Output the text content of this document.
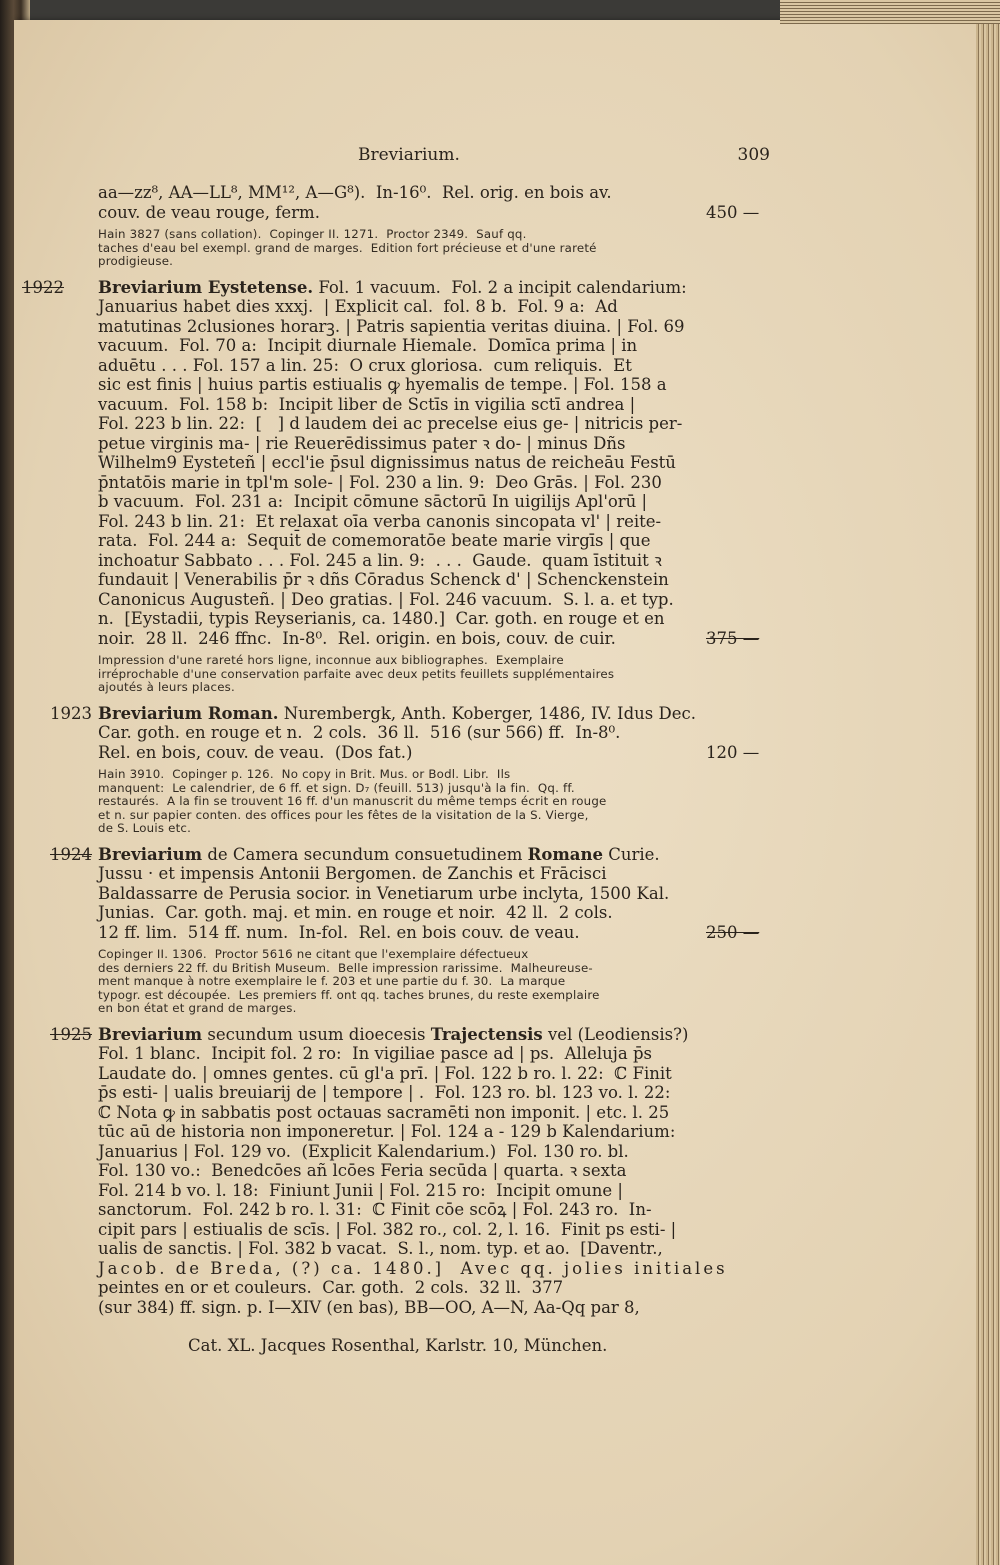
Breviarium.	309
aa—zz⁸, AA—LL⁸, MM¹², A—G⁸).  In-16⁰.  Rel. orig. en bois av.
couv. de veau rouge, ferm.	450 —
Hain 3827 (sans collation).  Copinger II. 1271.  Proctor 2349.  Sauf qq.
taches d'eau bel exempl. grand de marges.  Edition fort précieuse et d'une rareté
prodigieuse.
1922 Breviarium Eystetense. Fol. 1 vacuum.  Fol. 2 a incipit calendarium:
Januarius habet dies xxxj.  | Explicit cal.  fol. 8 b.  Fol. 9 a:  Ad
matutinas 2clusiones horarꝫ. | Patris sapientia veritas diuina. | Fol. 69
vacuum.  Fol. 70 a:  Incipit diurnale Hiemale.  Domīca prima | in
aduētu . . . Fol. 157 a lin. 25:  O crux gloriosa.  cum reliquis.  Et
sic est finis | huius partis estiualis ꝙ hyemalis de tempe. | Fol. 158 a
vacuum.  Fol. 158 b:  Incipit liber de Sctīs in vigilia sctī andrea |
Fol. 223 b lin. 22:  [   ] d laudem dei ac precelse eius ge- | nitricis per-
petue virginis ma- | rie Reuerēdissimus pater ꝛ do- | minus Dñs
Wilhelm9 Eysteteñ | eccl'ie p̄sul dignissimus natus de reicheāu Festū
p̄ntatōis marie in tpl'm sole- | Fol. 230 a lin. 9:  Deo Grās. | Fol. 230
b vacuum.  Fol. 231 a:  Incipit cōmune sāctorū In uigilijs Apl'orū |
Fol. 243 b lin. 21:  Et relaxat oīa verba canonis sincopata vl' | reite-
rata.  Fol. 244 a:  Sequit̄ de comemoratōe beate marie virgīs | que
inchoatur Sabbato . . . Fol. 245 a lin. 9:  . . .  Gaude.  quam īstituit ꝛ
fundauit | Venerabilis p̄r ꝛ dñs Cōradus Schenck d' | Schenckenstein
Canonicus Augusteñ. | Deo gratias. | Fol. 246 vacuum.  S. l. a. et typ.
n.  [Eystadii, typis Reyserianis, ca. 1480.]  Car. goth. en rouge et en
noir.  28 ll.  246 ffnc.  In-8⁰.  Rel. origin. en bois, couv. de cuir.	375 —
Impression d'une rareté hors ligne, inconnue aux bibliographes.  Exemplaire
irréprochable d'une conservation parfaite avec deux petits feuillets supplémentaires
ajoutés à leurs places.
1923 Breviarium Roman. Nurembergk, Anth. Koberger, 1486, IV. Idus Dec.
Car. goth. en rouge et n.  2 cols.  36 ll.  516 (sur 566) ff.  In-8⁰.
Rel. en bois, couv. de veau.  (Dos fat.)	120 —
Hain 3910.  Copinger p. 126.  No copy in Brit. Mus. or Bodl. Libr.  Ils
manquent:  Le calendrier, de 6 ff. et sign. D₇ (feuill. 513) jusqu'à la fin.  Qq. ff.
restaurés.  A la fin se trouvent 16 ff. d'un manuscrit du même temps écrit en rouge
et n. sur papier conten. des offices pour les fêtes de la visitation de la S. Vierge,
de S. Louis etc.
1924 Breviarium de Camera secundum consuetudinem Romane Curie.
Jussu · et impensis Antonii Bergomen. de Zanchis et Frācisci
Baldassarre de Perusia socior. in Venetiarum urbe inclyta, 1500 Kal.
Junias.  Car. goth. maj. et min. en rouge et noir.  42 ll.  2 cols.
12 ff. lim.  514 ff. num.  In-fol.  Rel. en bois couv. de veau.	250 —
Copinger II. 1306.  Proctor 5616 ne citant que l'exemplaire défectueux
des derniers 22 ff. du British Museum.  Belle impression rarissime.  Malheureuse-
ment manque à notre exemplaire le f. 203 et une partie du f. 30.  La marque
typogr. est découpée.  Les premiers ff. ont qq. taches brunes, du reste exemplaire
en bon état et grand de marges.
1925 Breviarium secundum usum dioecesis Trajectensis vel (Leodiensis?)
Fol. 1 blanc.  Incipit fol. 2 ro:  In vigiliae pasce ad | ps.  Alleluja p̄s
Laudate do. | omnes gentes. cū gl'a prī. | Fol. 122 b ro. l. 22:  ℂ Finit
p̄s esti- | ualis breuiarij de | tempore | .  Fol. 123 ro. bl. 123 vo. l. 22:
ℂ Nota ꝙ in sabbatis post octauas sacramēti non imponit. | etc. l. 25
tūc aū de historia non imponeretur. | Fol. 124 a - 129 b Kalendarium:
Januarius | Fol. 129 vo.  (Explicit Kalendarium.)  Fol. 130 ro. bl.
Fol. 130 vo.:  Benedcōes añ lcōes Feria secūda | quarta. ꝛ sexta
Fol. 214 b vo. l. 18:  Finiunt Junii | Fol. 215 ro:  Incipit omune |
sanctorum.  Fol. 242 b ro. l. 31:  ℂ Finit cōe scōꝝ | Fol. 243 ro.  In-
cipit pars | estiualis de scīs. | Fol. 382 ro., col. 2, l. 16.  Finit ps esti- |
ualis de sanctis. | Fol. 382 b vacat.  S. l., nom. typ. et ao.  [Daventr.,
Jacob. de Breda, (?) ca. 1480.]  Avec qq. jolies initiales
peintes en or et couleurs.  Car. goth.  2 cols.  32 ll.  377
(sur 384) ff. sign. p. I—XIV (en bas), BB—OO, A—N, Aa-Qq par 8,
Cat. XL. Jacques Rosenthal, Karlstr. 10, München.
